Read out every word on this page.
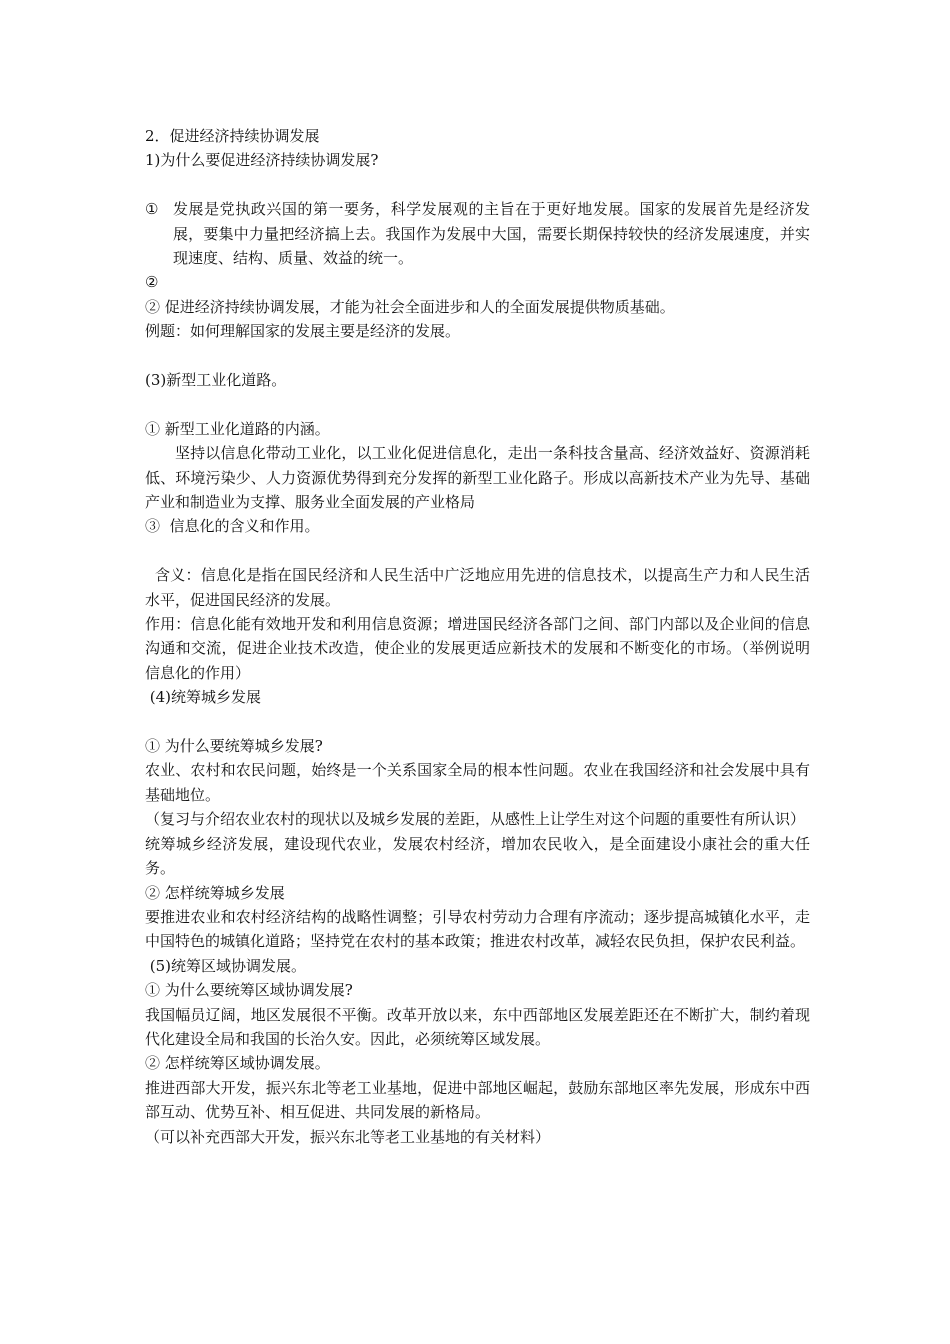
2．促进经济持续协调发展

1)为什么要促进经济持续协调发展?

① 发展是党执政兴国的第一要务，科学发展观的主旨在于更好地发展。国家的发展首先是经济发展，要集中力量把经济搞上去。我国作为发展中大国，需要长期保持较快的经济发展速度，并实现速度、结构、质量、效益的统一。

②

② 促进经济持续协调发展，才能为社会全面进步和人的全面发展提供物质基础。

例题：如何理解国家的发展主要是经济的发展。

(3)新型工业化道路。

① 新型工业化道路的内涵。

坚持以信息化带动工业化，以工业化促进信息化，走出一条科技含量高、经济效益好、资源消耗低、环境污染少、人力资源优势得到充分发挥的新型工业化路子。形成以高新技术产业为先导、基础产业和制造业为支撑、服务业全面发展的产业格局

③  信息化的含义和作用。

含义：信息化是指在国民经济和人民生活中广泛地应用先进的信息技术，以提高生产力和人民生活水平，促进国民经济的发展。

作用：信息化能有效地开发和利用信息资源；增进国民经济各部门之间、部门内部以及企业间的信息沟通和交流，促进企业技术改造，使企业的发展更适应新技术的发展和不断变化的市场。（举例说明信息化的作用）

(4)统筹城乡发展

① 为什么要统筹城乡发展?

农业、农村和农民问题，始终是一个关系国家全局的根本性问题。农业在我国经济和社会发展中具有基础地位。

（复习与介绍农业农村的现状以及城乡发展的差距，从感性上让学生对这个问题的重要性有所认识）

统筹城乡经济发展，建设现代农业，发展农村经济，增加农民收入，是全面建设小康社会的重大任务。

② 怎样统筹城乡发展

要推进农业和农村经济结构的战略性调整；引导农村劳动力合理有序流动；逐步提高城镇化水平，走中国特色的城镇化道路；坚持党在农村的基本政策；推进农村改革，减轻农民负担，保护农民利益。

(5)统筹区域协调发展。

① 为什么要统筹区域协调发展?

我国幅员辽阔，地区发展很不平衡。改革开放以来，东中西部地区发展差距还在不断扩大，制约着现代化建设全局和我国的长治久安。因此，必须统筹区域发展。

② 怎样统筹区域协调发展。

推进西部大开发，振兴东北等老工业基地，促进中部地区崛起，鼓励东部地区率先发展，形成东中西部互动、优势互补、相互促进、共同发展的新格局。

（可以补充西部大开发，振兴东北等老工业基地的有关材料）
